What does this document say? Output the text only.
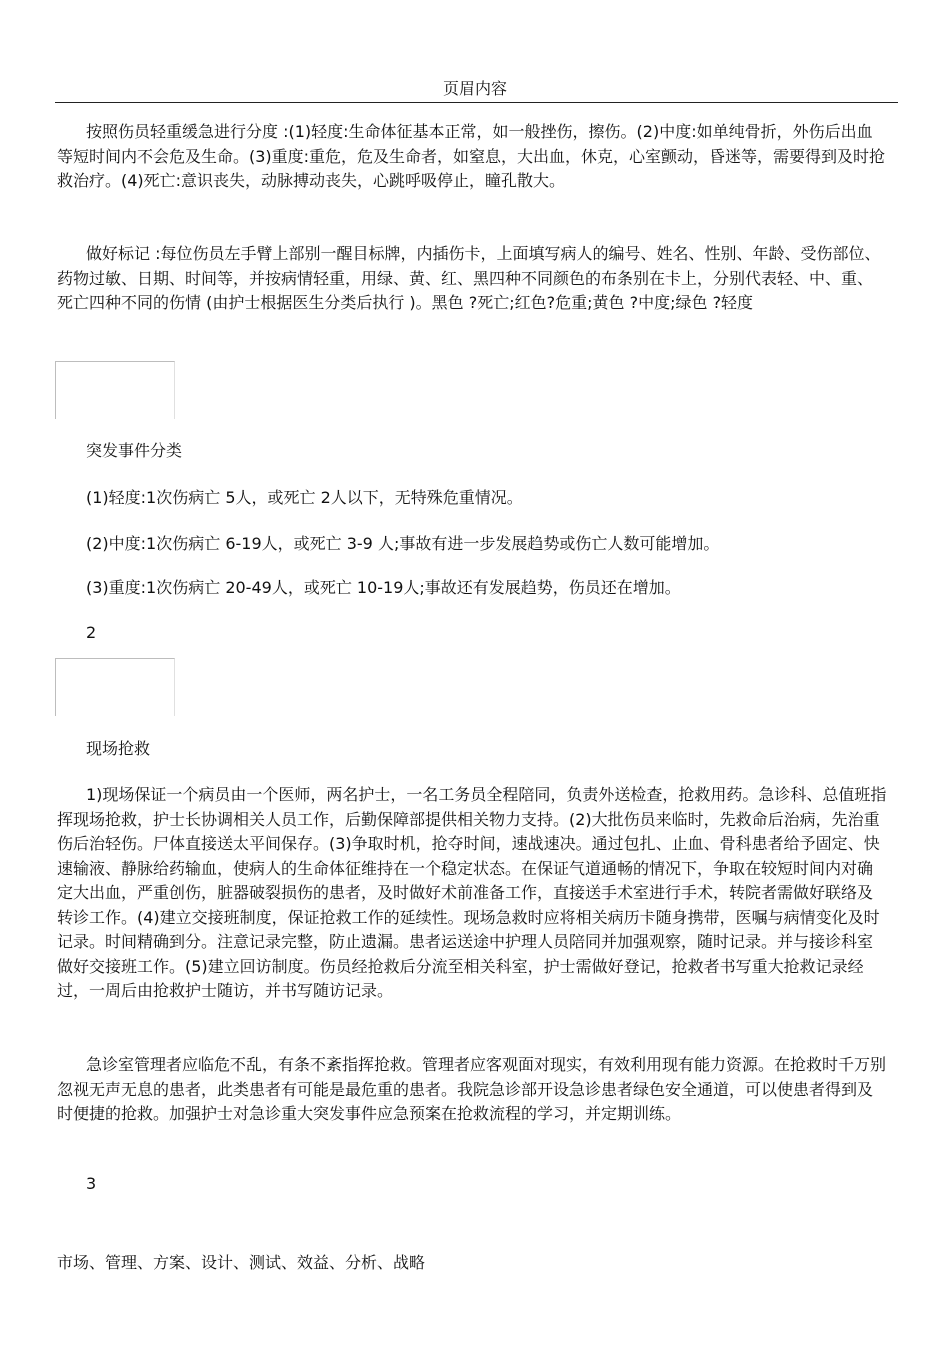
页眉内容

按照伤员轻重缓急进行分度 :(1)轻度:生命体征基本正常，如一般挫伤，擦伤。(2)中度:如单纯骨折，外伤后出血等短时间内不会危及生命。(3)重度:重危，危及生命者，如窒息，大出血，休克，心室颤动，昏迷等，需要得到及时抢救治疗。(4)死亡:意识丧失，动脉搏动丧失，心跳呼吸停止，瞳孔散大。

做好标记 :每位伤员左手臂上部别一醒目标牌，内插伤卡，上面填写病人的编号、姓名、性别、年龄、受伤部位、药物过敏、日期、时间等，并按病情轻重，用绿、黄、红、黑四种不同颜色的布条别在卡上，分别代表轻、中、重、死亡四种不同的伤情 (由护士根据医生分类后执行 )。黑色 ?死亡;红色?危重;黄色 ?中度;绿色 ?轻度

突发事件分类

(1)轻度:1次伤病亡 5人，或死亡 2人以下，无特殊危重情况。

(2)中度:1次伤病亡 6-19人，或死亡 3-9 人;事故有进一步发展趋势或伤亡人数可能增加。

(3)重度:1次伤病亡 20-49人，或死亡 10-19人;事故还有发展趋势，伤员还在增加。

2

现场抢救

1)现场保证一个病员由一个医师，两名护士，一名工务员全程陪同，负责外送检查，抢救用药。急诊科、总值班指挥现场抢救，护士长协调相关人员工作，后勤保障部提供相关物力支持。(2)大批伤员来临时，先救命后治病，先治重伤后治轻伤。尸体直接送太平间保存。(3)争取时机，抢夺时间，速战速决。通过包扎、止血、骨科患者给予固定、快速输液、静脉给药输血，使病人的生命体征维持在一个稳定状态。在保证气道通畅的情况下，争取在较短时间内对确定大出血，严重创伤，脏器破裂损伤的患者，及时做好术前准备工作，直接送手术室进行手术，转院者需做好联络及转诊工作。(4)建立交接班制度，保证抢救工作的延续性。现场急救时应将相关病历卡随身携带，医嘱与病情变化及时记录。时间精确到分。注意记录完整，防止遗漏。患者运送途中护理人员陪同并加强观察，随时记录。并与接诊科室做好交接班工作。(5)建立回访制度。伤员经抢救后分流至相关科室，护士需做好登记，抢救者书写重大抢救记录经过，一周后由抢救护士随访，并书写随访记录。

急诊室管理者应临危不乱，有条不紊指挥抢救。管理者应客观面对现实，有效利用现有能力资源。在抢救时千万别忽视无声无息的患者，此类患者有可能是最危重的患者。我院急诊部开设急诊患者绿色安全通道，可以使患者得到及时便捷的抢救。加强护士对急诊重大突发事件应急预案在抢救流程的学习，并定期训练。

3

市场、管理、方案、设计、测试、效益、分析、战略
